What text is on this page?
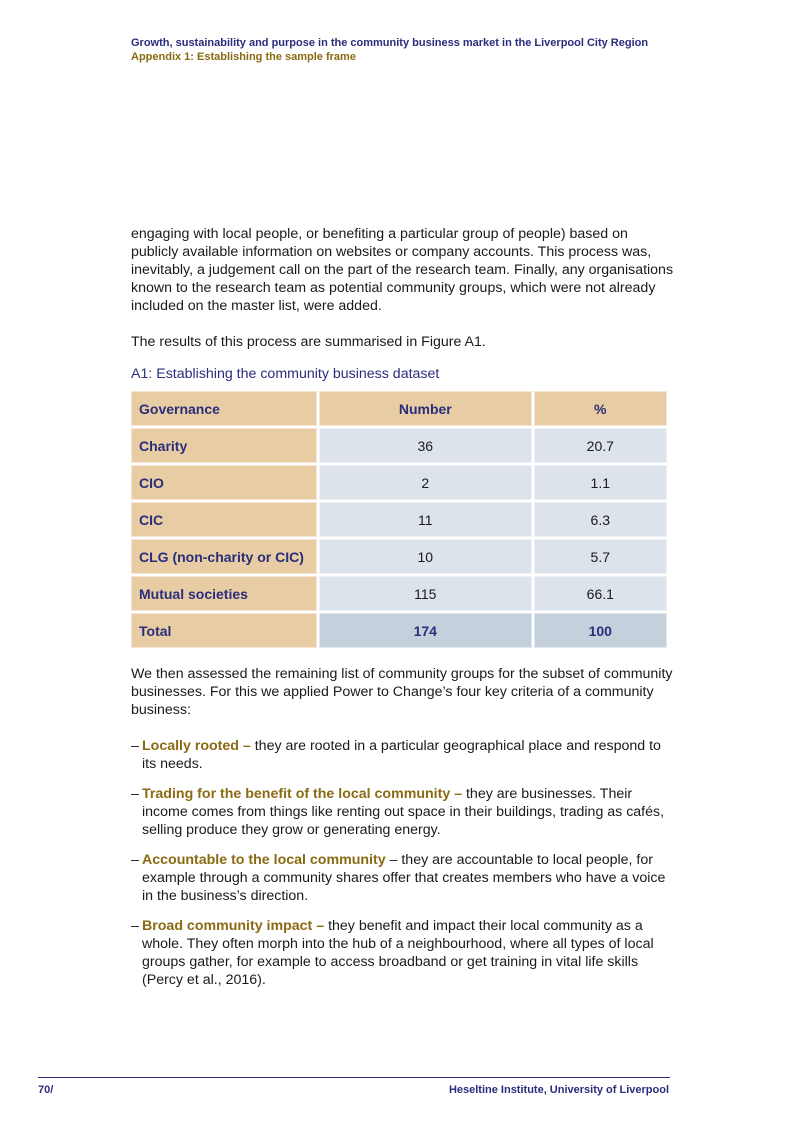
Growth, sustainability and purpose in the community business market in the Liverpool City Region
Appendix 1: Establishing the sample frame

engaging with local people, or benefiting a particular group of people) based on publicly available information on websites or company accounts. This process was, inevitably, a judgement call on the part of the research team. Finally, any organisations known to the research team as potential community groups, which were not already included on the master list, were added.

The results of this process are summarised in Figure A1.

A1: Establishing the community business dataset
Governance	Number	%
Charity	36	20.7
CIO	2	1.1
CIC	11	6.3
CLG (non-charity or CIC)	10	5.7
Mutual societies	115	66.1
Total	174	100

We then assessed the remaining list of community groups for the subset of community businesses. For this we applied Power to Change’s four key criteria of a community business:

– Locally rooted – they are rooted in a particular geographical place and respond to its needs.
– Trading for the benefit of the local community – they are businesses. Their income comes from things like renting out space in their buildings, trading as cafés, selling produce they grow or generating energy.
– Accountable to the local community – they are accountable to local people, for example through a community shares offer that creates members who have a voice in the business’s direction.
– Broad community impact – they benefit and impact their local community as a whole. They often morph into the hub of a neighbourhood, where all types of local groups gather, for example to access broadband or get training in vital life skills (Percy et al., 2016).
70/	Heseltine Institute, University of Liverpool
